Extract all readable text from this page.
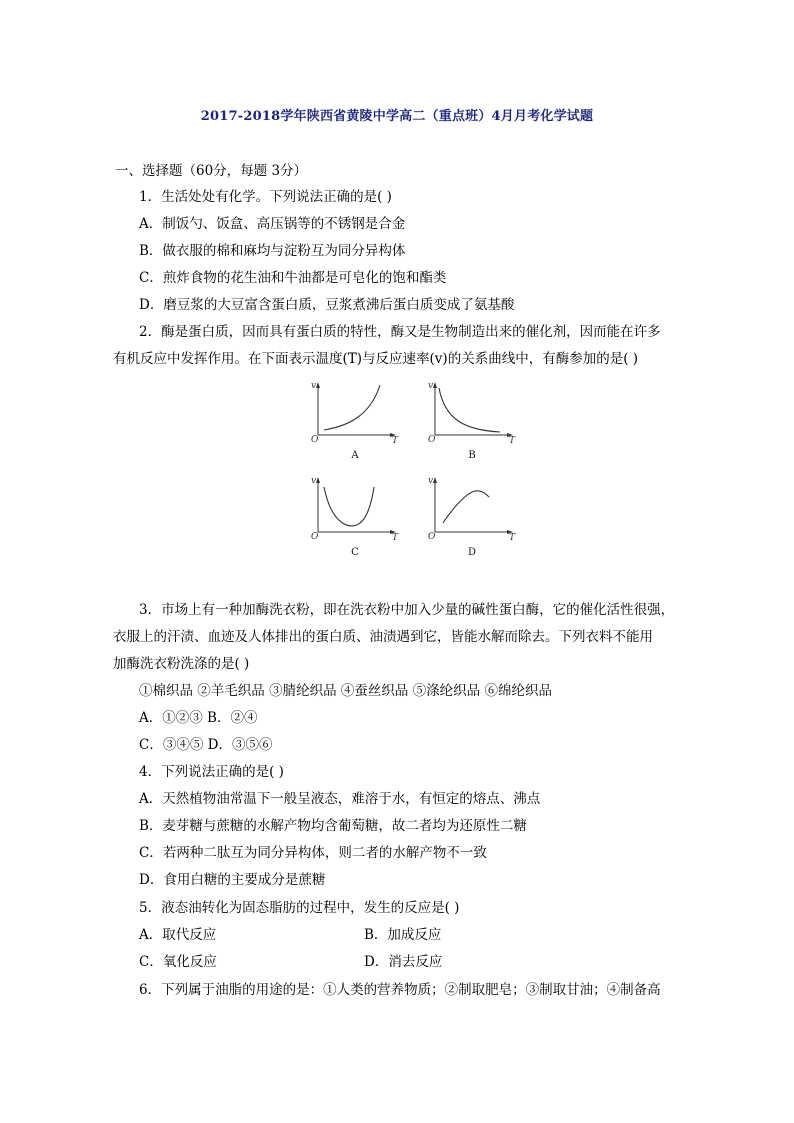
2017-2018学年陕西省黄陵中学高二（重点班）4月月考化学试题
一、选择题（60分，每题 3分）
1．生活处处有化学。下列说法正确的是( )
A．制饭勺、饭盒、高压锅等的不锈钢是合金
B．做衣服的棉和麻均与淀粉互为同分异构体
C．煎炸食物的花生油和牛油都是可皂化的饱和酯类
D．磨豆浆的大豆富含蛋白质，豆浆煮沸后蛋白质变成了氨基酸
2．酶是蛋白质，因而具有蛋白质的特性，酶又是生物制造出来的催化剂，因而能在许多
有机反应中发挥作用。在下面表示温度(T)与反应速率(v)的关系曲线中，有酶参加的是( )
v
O	T
A
v
O	T
B
v
O	T
C
v
O	T
D
3．市场上有一种加酶洗衣粉，即在洗衣粉中加入少量的碱性蛋白酶，它的催化活性很强，
衣服上的汗渍、血迹及人体排出的蛋白质、油渍遇到它，皆能水解而除去。下列衣料不能用
加酶洗衣粉洗涤的是( )
①棉织品 ②羊毛织品 ③腈纶织品 ④蚕丝织品 ⑤涤纶织品 ⑥绵纶织品
A．①②③ B．②④
C．③④⑤ D．③⑤⑥
4．下列说法正确的是( )
A．天然植物油常温下一般呈液态，难溶于水，有恒定的熔点、沸点
B．麦芽糖与蔗糖的水解产物均含葡萄糖，故二者均为还原性二糖
C．若两种二肽互为同分异构体，则二者的水解产物不一致
D．食用白糖的主要成分是蔗糖
5．液态油转化为固态脂肪的过程中，发生的反应是( )
A．取代反应	B．加成反应
C．氧化反应	D．消去反应
6．下列属于油脂的用途的是：①人类的营养物质；②制取肥皂；③制取甘油；④制备高
